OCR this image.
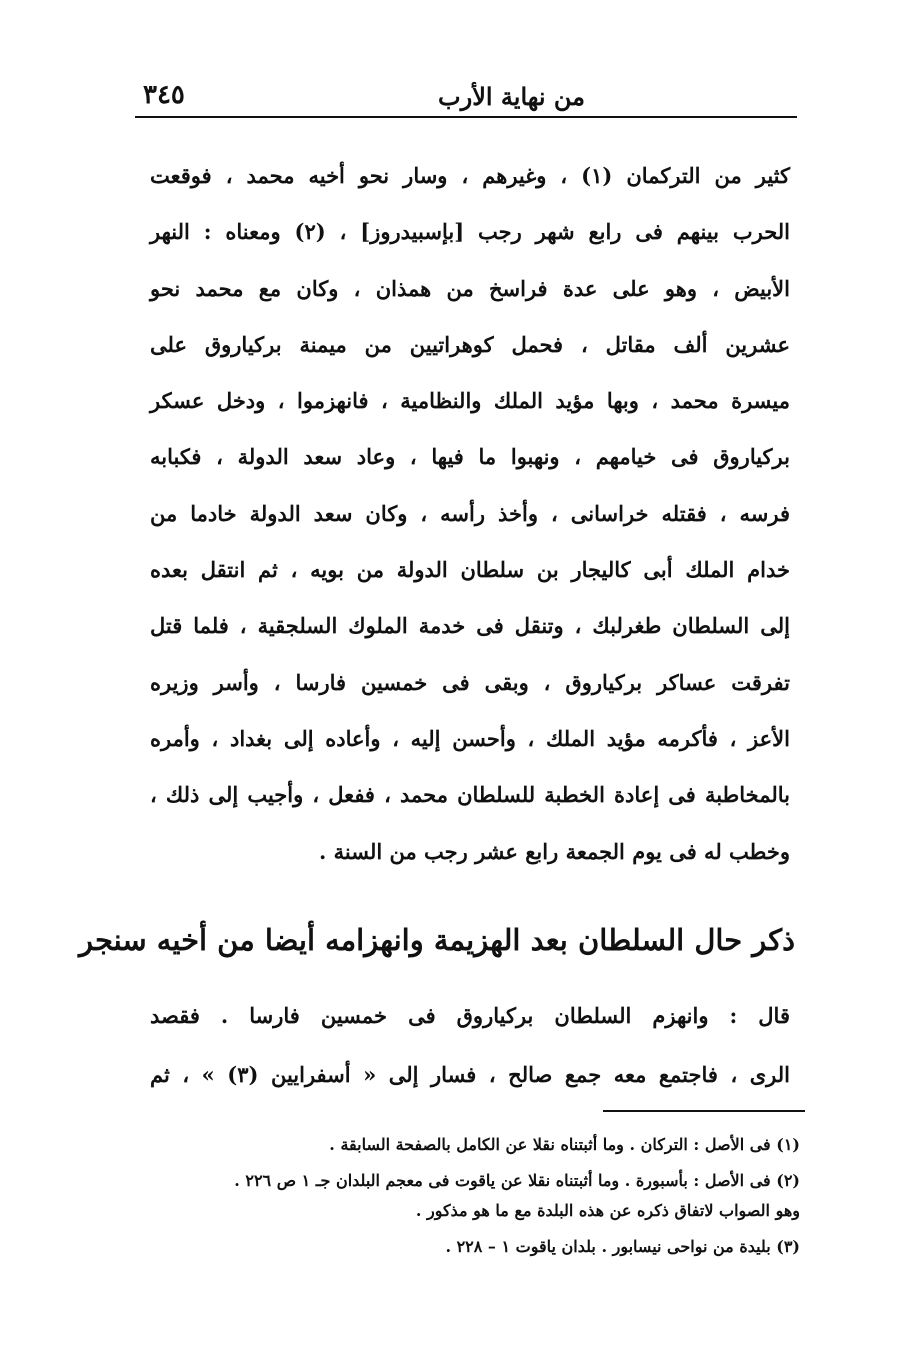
من نهاية الأرب
٣٤٥
كثير من التركمان (١) ، وغيرهم ، وسار نحو أخيه محمد ، فوقعت
الحرب بينهم فى رابع شهر رجب [بإسبيدروز] ، (٢) ومعناه : النهر
الأبيض ، وهو على عدة فراسخ من همذان ، وكان مع محمد نحو
عشرين ألف مقاتل ، فحمل كوهراتيين من ميمنة بركياروق على
ميسرة محمد ، وبها مؤيد الملك والنظامية ، فانهزموا ، ودخل عسكر
بركياروق فى خيامهم ، ونهبوا ما فيها ، وعاد سعد الدولة ، فكبابه
فرسه ، فقتله خراسانى ، وأخذ رأسه ، وكان سعد الدولة خادما من
خدام الملك أبى كاليجار بن سلطان الدولة من بويه ، ثم انتقل بعده
إلى السلطان طغرلبك ، وتنقل فى خدمة الملوك السلجقية ، فلما قتل
تفرقت عساكر بركياروق ، وبقى فى خمسين فارسا ، وأسر وزيره
الأعز ، فأكرمه مؤيد الملك ، وأحسن إليه ، وأعاده إلى بغداد ، وأمره
بالمخاطبة فى إعادة الخطبة للسلطان محمد ، ففعل ، وأجيب إلى ذلك ،
وخطب له فى يوم الجمعة رابع عشر رجب من السنة .
ذكر حال السلطان بعد الهزيمة وانهزامه أيضا من أخيه سنجر
قال : وانهزم السلطان بركياروق فى خمسين فارسا . فقصد
الرى ، فاجتمع معه جمع صالح ، فسار إلى « أسفرايين (٣) » ، ثم
(١) فى الأصل : التركان . وما أثبتناه نقلا عن الكامل بالصفحة السابقة .
(٢) فى الأصل : بأسبورة . وما أثبتناه نقلا عن ياقوت فى معجم البلدان جـ ١ ص ٢٢٦ .
وهو الصواب لاتفاق ذكره عن هذه البلدة مع ما هو مذكور .
(٣) بليدة من نواحى نيسابور . بلدان ياقوت ١ – ٢٢٨ .
